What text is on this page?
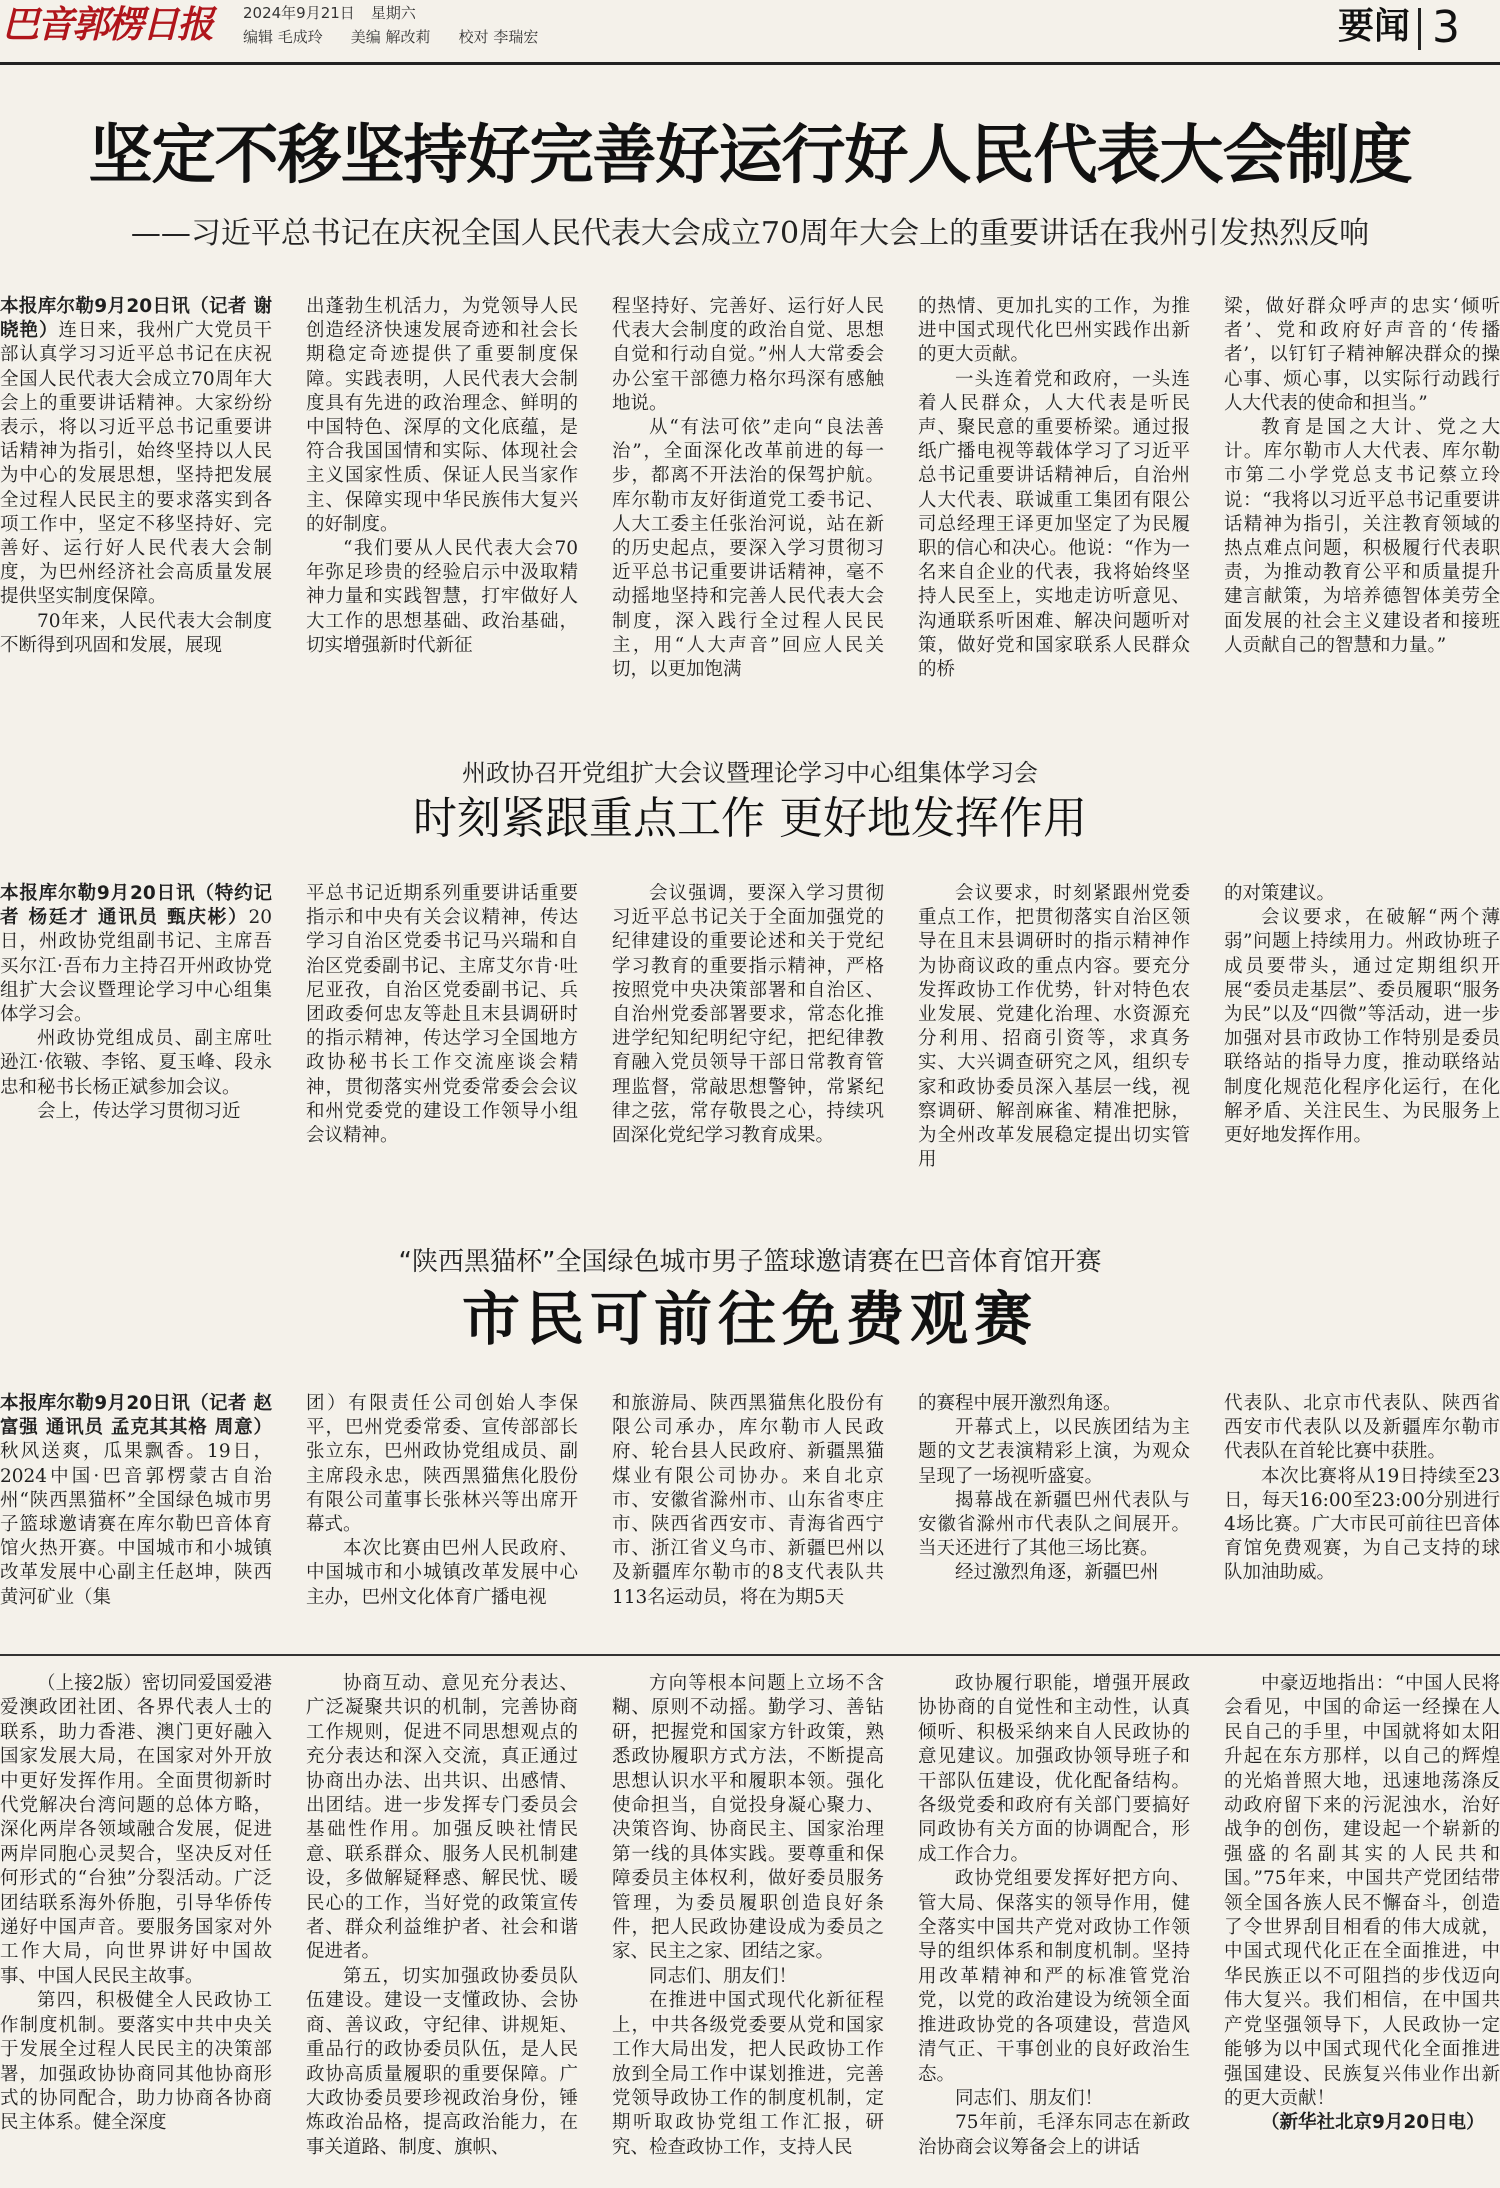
巴音郭楞日报 2024年9月21日 星期六
编辑 毛成玲 美编 解改莉 校对 李瑞宏	要闻 3
坚定不移坚持好完善好运行好人民代表大会制度
——习近平总书记在庆祝全国人民代表大会成立70周年大会上的重要讲话在我州引发热烈反响

本报库尔勒9月20日讯（记者 谢晓艳）连日来，我州广大党员干部认真学习习近平总书记在庆祝全国人民代表大会成立70周年大会上的重要讲话精神。大家纷纷表示，将以习近平总书记重要讲话精神为指引，始终坚持以人民为中心的发展思想，坚持把发展全过程人民民主的要求落实到各项工作中，坚定不移坚持好、完善好、运行好人民代表大会制度，为巴州经济社会高质量发展提供坚实制度保障。

70年来，人民代表大会制度不断得到巩固和发展，展现

出蓬勃生机活力，为党领导人民创造经济快速发展奇迹和社会长期稳定奇迹提供了重要制度保障。实践表明，人民代表大会制度具有先进的政治理念、鲜明的中国特色、深厚的文化底蕴，是符合我国国情和实际、体现社会主义国家性质、保证人民当家作主、保障实现中华民族伟大复兴的好制度。

“我们要从人民代表大会70年弥足珍贵的经验启示中汲取精神力量和实践智慧，打牢做好人大工作的思想基础、政治基础，切实增强新时代新征

程坚持好、完善好、运行好人民代表大会制度的政治自觉、思想自觉和行动自觉。”州人大常委会办公室干部德力格尔玛深有感触地说。

从“有法可依”走向“良法善治”，全面深化改革前进的每一步，都离不开法治的保驾护航。库尔勒市友好街道党工委书记、人大工委主任张治河说，站在新的历史起点，要深入学习贯彻习近平总书记重要讲话精神，毫不动摇地坚持和完善人民代表大会制度，深入践行全过程人民民主，用“人大声音”回应人民关切，以更加饱满

的热情、更加扎实的工作，为推进中国式现代化巴州实践作出新的更大贡献。

一头连着党和政府，一头连着人民群众，人大代表是听民声、聚民意的重要桥梁。通过报纸广播电视等载体学习了习近平总书记重要讲话精神后，自治州人大代表、联诚重工集团有限公司总经理王译更加坚定了为民履职的信心和决心。他说：“作为一名来自企业的代表，我将始终坚持人民至上，实地走访听意见、沟通联系听困难、解决问题听对策，做好党和国家联系人民群众的桥

梁，做好群众呼声的忠实‘倾听者’、党和政府好声音的‘传播者’，以钉钉子精神解决群众的操心事、烦心事，以实际行动践行人大代表的使命和担当。”

教育是国之大计、党之大计。库尔勒市人大代表、库尔勒市第二小学党总支书记蔡立玲说：“我将以习近平总书记重要讲话精神为指引，关注教育领域的热点难点问题，积极履行代表职责，为推动教育公平和质量提升建言献策，为培养德智体美劳全面发展的社会主义建设者和接班人贡献自己的智慧和力量。”

州政协召开党组扩大会议暨理论学习中心组集体学习会
时刻紧跟重点工作 更好地发挥作用

本报库尔勒9月20日讯（特约记者 杨廷才 通讯员 甄庆彬）20日，州政协党组副书记、主席吾买尔江·吾布力主持召开州政协党组扩大会议暨理论学习中心组集体学习会。

州政协党组成员、副主席吐逊江·依皲、李铭、夏玉峰、段永忠和秘书长杨正斌参加会议。

会上，传达学习贯彻习近

平总书记近期系列重要讲话重要指示和中央有关会议精神，传达学习自治区党委书记马兴瑞和自治区党委副书记、主席艾尔肯·吐尼亚孜，自治区党委副书记、兵团政委何忠友等赴且末县调研时的指示精神，传达学习全国地方政协秘书长工作交流座谈会精神，贯彻落实州党委常委会会议和州党委党的建设工作领导小组会议精神。

会议强调，要深入学习贯彻习近平总书记关于全面加强党的纪律建设的重要论述和关于党纪学习教育的重要指示精神，严格按照党中央决策部署和自治区、自治州党委部署要求，常态化推进学纪知纪明纪守纪，把纪律教育融入党员领导干部日常教育管理监督，常敲思想警钟，常紧纪律之弦，常存敬畏之心，持续巩固深化党纪学习教育成果。

会议要求，时刻紧跟州党委重点工作，把贯彻落实自治区领导在且末县调研时的指示精神作为协商议政的重点内容。要充分发挥政协工作优势，针对特色农业发展、党建化治理、水资源充分利用、招商引资等，求真务实、大兴调查研究之风，组织专家和政协委员深入基层一线，视察调研、解剖麻雀、精准把脉，为全州改革发展稳定提出切实管用

的对策建议。

会议要求，在破解“两个薄弱”问题上持续用力。州政协班子成员要带头，通过定期组织开展“委员走基层”、委员履职“服务为民”以及“四微”等活动，进一步加强对县市政协工作特别是委员联络站的指导力度，推动联络站制度化规范化程序化运行，在化解矛盾、关注民生、为民服务上更好地发挥作用。

“陕西黑猫杯”全国绿色城市男子篮球邀请赛在巴音体育馆开赛
市民可前往免费观赛

本报库尔勒9月20日讯（记者 赵富强 通讯员 孟克其其格 周意）秋风送爽，瓜果飘香。19日，2024中国·巴音郭楞蒙古自治州“陕西黑猫杯”全国绿色城市男子篮球邀请赛在库尔勒巴音体育馆火热开赛。中国城市和小城镇改革发展中心副主任赵坤，陕西黄河矿业（集

团）有限责任公司创始人李保平，巴州党委常委、宣传部部长张立东，巴州政协党组成员、副主席段永忠，陕西黑猫焦化股份有限公司董事长张林兴等出席开幕式。

本次比赛由巴州人民政府、中国城市和小城镇改革发展中心主办，巴州文化体育广播电视

和旅游局、陕西黑猫焦化股份有限公司承办，库尔勒市人民政府、轮台县人民政府、新疆黑猫煤业有限公司协办。来自北京市、安徽省滁州市、山东省枣庄市、陕西省西安市、青海省西宁市、浙江省义乌市、新疆巴州以及新疆库尔勒市的8支代表队共113名运动员，将在为期5天

的赛程中展开激烈角逐。

开幕式上，以民族团结为主题的文艺表演精彩上演，为观众呈现了一场视听盛宴。

揭幕战在新疆巴州代表队与安徽省滁州市代表队之间展开。当天还进行了其他三场比赛。

经过激烈角逐，新疆巴州

代表队、北京市代表队、陕西省西安市代表队以及新疆库尔勒市代表队在首轮比赛中获胜。

本次比赛将从19日持续至23日，每天16:00至23:00分别进行4场比赛。广大市民可前往巴音体育馆免费观赛，为自己支持的球队加油助威。

（上接2版）密切同爱国爱港爱澳政团社团、各界代表人士的联系，助力香港、澳门更好融入国家发展大局，在国家对外开放中更好发挥作用。全面贯彻新时代党解决台湾问题的总体方略，深化两岸各领域融合发展，促进两岸同胞心灵契合，坚决反对任何形式的“台独”分裂活动。广泛团结联系海外侨胞，引导华侨传递好中国声音。要服务国家对外工作大局，向世界讲好中国故事、中国人民民主故事。

第四，积极健全人民政协工作制度机制。要落实中共中央关于发展全过程人民民主的决策部署，加强政协协商同其他协商形式的协同配合，助力协商各协商民主体系。健全深度

协商互动、意见充分表达、广泛凝聚共识的机制，完善协商工作规则，促进不同思想观点的充分表达和深入交流，真正通过协商出办法、出共识、出感情、出团结。进一步发挥专门委员会基础性作用。加强反映社情民意、联系群众、服务人民机制建设，多做解疑释惑、解民忧、暖民心的工作，当好党的政策宣传者、群众利益维护者、社会和谐促进者。

第五，切实加强政协委员队伍建设。建设一支懂政协、会协商、善议政，守纪律、讲规矩、重品行的政协委员队伍，是人民政协高质量履职的重要保障。广大政协委员要珍视政治身份，锤炼政治品格，提高政治能力，在事关道路、制度、旗帜、

方向等根本问题上立场不含糊、原则不动摇。勤学习、善钻研，把握党和国家方针政策，熟悉政协履职方式方法，不断提高思想认识水平和履职本领。强化使命担当，自觉投身凝心聚力、决策咨询、协商民主、国家治理第一线的具体实践。要尊重和保障委员主体权利，做好委员服务管理，为委员履职创造良好条件，把人民政协建设成为委员之家、民主之家、团结之家。

同志们、朋友们！

在推进中国式现代化新征程上，中共各级党委要从党和国家工作大局出发，把人民政协工作放到全局工作中谋划推进，完善党领导政协工作的制度机制，定期听取政协党组工作汇报，研究、检查政协工作，支持人民

政协履行职能，增强开展政协协商的自觉性和主动性，认真倾听、积极采纳来自人民政协的意见建议。加强政协领导班子和干部队伍建设，优化配备结构。各级党委和政府有关部门要搞好同政协有关方面的协调配合，形成工作合力。

政协党组要发挥好把方向、管大局、保落实的领导作用，健全落实中国共产党对政协工作领导的组织体系和制度机制。坚持用改革精神和严的标准管党治党，以党的政治建设为统领全面推进政协党的各项建设，营造风清气正、干事创业的良好政治生态。

同志们、朋友们！

75年前，毛泽东同志在新政治协商会议筹备会上的讲话

中豪迈地指出：“中国人民将会看见，中国的命运一经操在人民自己的手里，中国就将如太阳升起在东方那样，以自己的辉煌的光焰普照大地，迅速地荡涤反动政府留下来的污泥浊水，治好战争的创伤，建设起一个崭新的强盛的名副其实的人民共和国。”75年来，中国共产党团结带领全国各族人民不懈奋斗，创造了令世界刮目相看的伟大成就，中国式现代化正在全面推进，中华民族正以不可阻挡的步伐迈向伟大复兴。我们相信，在中国共产党坚强领导下，人民政协一定能够为以中国式现代化全面推进强国建设、民族复兴伟业作出新的更大贡献！

（新华社北京9月20日电）
